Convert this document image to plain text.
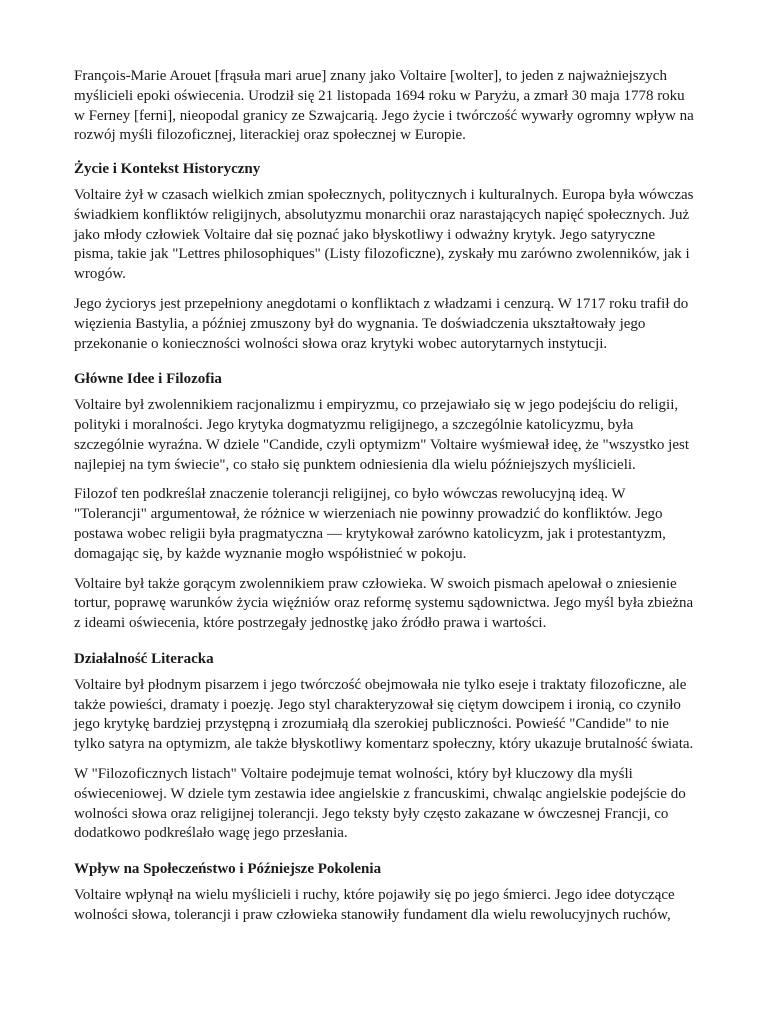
François-Marie Arouet [frąsuła mari arue] znany jako Voltaire [wolter], to jeden z najważniejszych myślicieli epoki oświecenia. Urodził się 21 listopada 1694 roku w Paryżu, a zmarł 30 maja 1778 roku w Ferney [ferni], nieopodal granicy ze Szwajcarią. Jego życie i twórczość wywarły ogromny wpływ na rozwój myśli filozoficznej, literackiej oraz społecznej w Europie.

Życie i Kontekst Historyczny

Voltaire żył w czasach wielkich zmian społecznych, politycznych i kulturalnych. Europa była wówczas świadkiem konfliktów religijnych, absolutyzmu monarchii oraz narastających napięć społecznych. Już jako młody człowiek Voltaire dał się poznać jako błyskotliwy i odważny krytyk. Jego satyryczne pisma, takie jak "Lettres philosophiques" (Listy filozoficzne), zyskały mu zarówno zwolenników, jak i wrogów.

Jego życiorys jest przepełniony anegdotami o konfliktach z władzami i cenzurą. W 1717 roku trafił do więzienia Bastylia, a później zmuszony był do wygnania. Te doświadczenia ukształtowały jego przekonanie o konieczności wolności słowa oraz krytyki wobec autorytarnych instytucji.

Główne Idee i Filozofia

Voltaire był zwolennikiem racjonalizmu i empiryzmu, co przejawiało się w jego podejściu do religii, polityki i moralności. Jego krytyka dogmatyzmu religijnego, a szczególnie katolicyzmu, była szczególnie wyraźna. W dziele "Candide, czyli optymizm" Voltaire wyśmiewał ideę, że "wszystko jest najlepiej na tym świecie", co stało się punktem odniesienia dla wielu późniejszych myślicieli.

Filozof ten podkreślał znaczenie tolerancji religijnej, co było wówczas rewolucyjną ideą. W "Tolerancji" argumentował, że różnice w wierzeniach nie powinny prowadzić do konfliktów. Jego postawa wobec religii była pragmatyczna — krytykował zarówno katolicyzm, jak i protestantyzm, domagając się, by każde wyznanie mogło współistnieć w pokoju.

Voltaire był także gorącym zwolennikiem praw człowieka. W swoich pismach apelował o zniesienie tortur, poprawę warunków życia więźniów oraz reformę systemu sądownictwa. Jego myśl była zbieżna z ideami oświecenia, które postrzegały jednostkę jako źródło prawa i wartości.

Działalność Literacka

Voltaire był płodnym pisarzem i jego twórczość obejmowała nie tylko eseje i traktaty filozoficzne, ale także powieści, dramaty i poezję. Jego styl charakteryzował się ciętym dowcipem i ironią, co czyniło jego krytykę bardziej przystępną i zrozumiałą dla szerokiej publiczności. Powieść "Candide" to nie tylko satyra na optymizm, ale także błyskotliwy komentarz społeczny, który ukazuje brutalność świata.

W "Filozoficznych listach" Voltaire podejmuje temat wolności, który był kluczowy dla myśli oświeceniowej. W dziele tym zestawia idee angielskie z francuskimi, chwaląc angielskie podejście do wolności słowa oraz religijnej tolerancji. Jego teksty były często zakazane w ówczesnej Francji, co dodatkowo podkreślało wagę jego przesłania.

Wpływ na Społeczeństwo i Późniejsze Pokolenia

Voltaire wpłynął na wielu myślicieli i ruchy, które pojawiły się po jego śmierci. Jego idee dotyczące wolności słowa, tolerancji i praw człowieka stanowiły fundament dla wielu rewolucyjnych ruchów,
